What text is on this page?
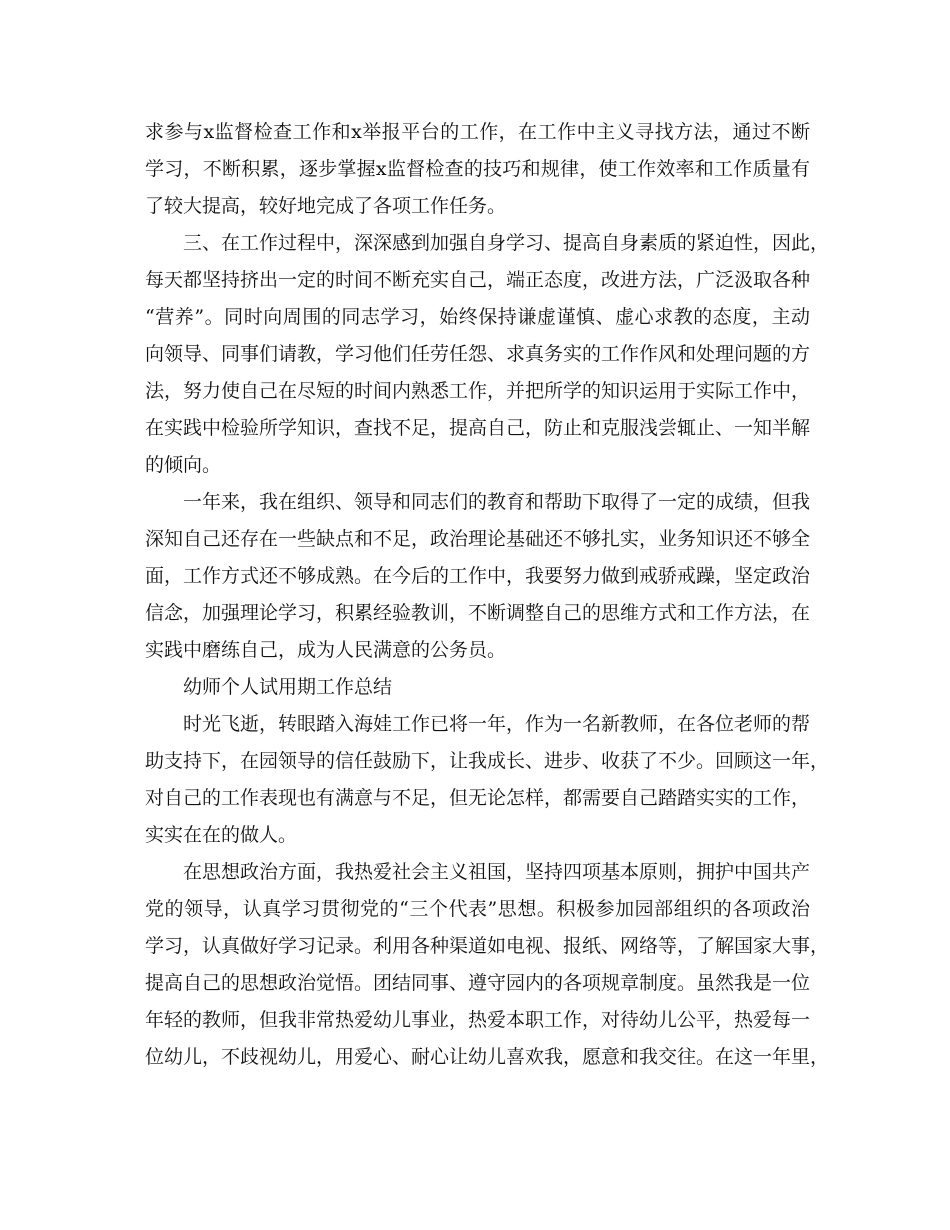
求参与x监督检查工作和x举报平台的工作，在工作中主义寻找方法，通过不断
学习，不断积累，逐步掌握x监督检查的技巧和规律，使工作效率和工作质量有
了较大提高，较好地完成了各项工作任务。
三、在工作过程中，深深感到加强自身学习、提高自身素质的紧迫性，因此，
每天都坚持挤出一定的时间不断充实自己，端正态度，改进方法，广泛汲取各种
“营养”。同时向周围的同志学习，始终保持谦虚谨慎、虚心求教的态度，主动
向领导、同事们请教，学习他们任劳任怨、求真务实的工作作风和处理问题的方
法，努力使自己在尽短的时间内熟悉工作，并把所学的知识运用于实际工作中，
在实践中检验所学知识，查找不足，提高自己，防止和克服浅尝辄止、一知半解
的倾向。
一年来，我在组织、领导和同志们的教育和帮助下取得了一定的成绩，但我
深知自己还存在一些缺点和不足，政治理论基础还不够扎实，业务知识还不够全
面，工作方式还不够成熟。在今后的工作中，我要努力做到戒骄戒躁，坚定政治
信念，加强理论学习，积累经验教训，不断调整自己的思维方式和工作方法，在
实践中磨练自己，成为人民满意的公务员。
幼师个人试用期工作总结
时光飞逝，转眼踏入海娃工作已将一年，作为一名新教师，在各位老师的帮
助支持下，在园领导的信任鼓励下，让我成长、进步、收获了不少。回顾这一年，
对自己的工作表现也有满意与不足，但无论怎样，都需要自己踏踏实实的工作，
实实在在的做人。
在思想政治方面，我热爱社会主义祖国，坚持四项基本原则，拥护中国共产
党的领导，认真学习贯彻党的“三个代表”思想。积极参加园部组织的各项政治
学习，认真做好学习记录。利用各种渠道如电视、报纸、网络等，了解国家大事，
提高自己的思想政治觉悟。团结同事、遵守园内的各项规章制度。虽然我是一位
年轻的教师，但我非常热爱幼儿事业，热爱本职工作，对待幼儿公平，热爱每一
位幼儿，不歧视幼儿，用爱心、耐心让幼儿喜欢我，愿意和我交往。在这一年里，
